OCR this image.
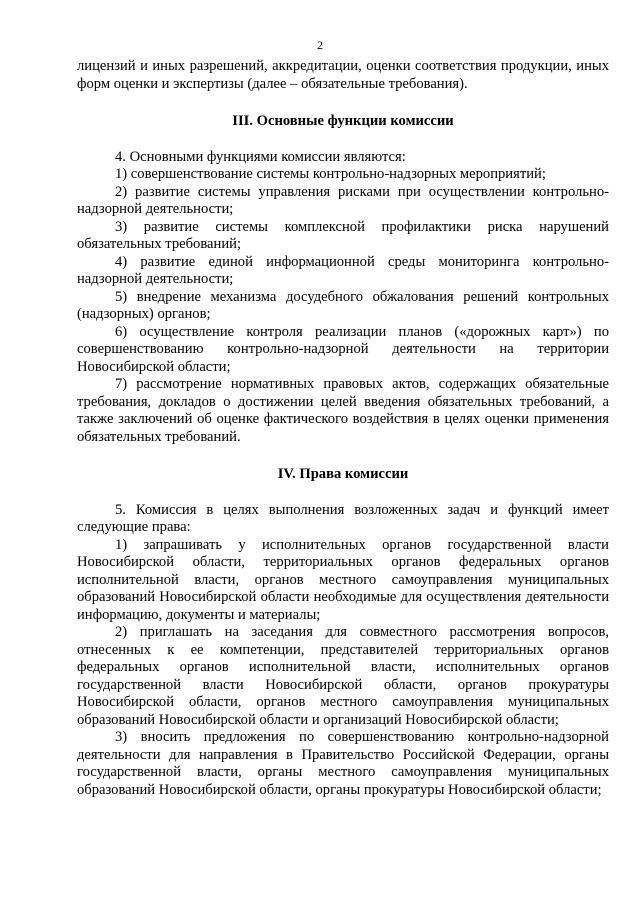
2

лицензий и иных разрешений, аккредитации, оценки соответствия продукции, иных форм оценки и экспертизы (далее – обязательные требования).

III. Основные функции комиссии

4. Основными функциями комиссии являются:

1) совершенствование системы контрольно-надзорных мероприятий;

2) развитие системы управления рисками при осуществлении контрольно-надзорной деятельности;

3) развитие системы комплексной профилактики риска нарушений обязательных требований;

4) развитие единой информационной среды мониторинга контрольно-надзорной деятельности;

5) внедрение механизма досудебного обжалования решений контрольных (надзорных) органов;

6) осуществление контроля реализации планов («дорожных карт») по совершенствованию контрольно-надзорной деятельности на территории Новосибирской области;

7) рассмотрение нормативных правовых актов, содержащих обязательные требования, докладов о достижении целей введения обязательных требований, а также заключений об оценке фактического воздействия в целях оценки применения обязательных требований.

IV. Права комиссии

5. Комиссия в целях выполнения возложенных задач и функций имеет следующие права:

1) запрашивать у исполнительных органов государственной власти Новосибирской области, территориальных органов федеральных органов исполнительной власти, органов местного самоуправления муниципальных образований Новосибирской области необходимые для осуществления деятельности информацию, документы и материалы;

2) приглашать на заседания для совместного рассмотрения вопросов, отнесенных к ее компетенции, представителей территориальных органов федеральных органов исполнительной власти, исполнительных органов государственной власти Новосибирской области, органов прокуратуры Новосибирской области, органов местного самоуправления муниципальных образований Новосибирской области и организаций Новосибирской области;

3) вносить предложения по совершенствованию контрольно-надзорной деятельности для направления в Правительство Российской Федерации, органы государственной власти, органы местного самоуправления муниципальных образований Новосибирской области, органы прокуратуры Новосибирской области;
